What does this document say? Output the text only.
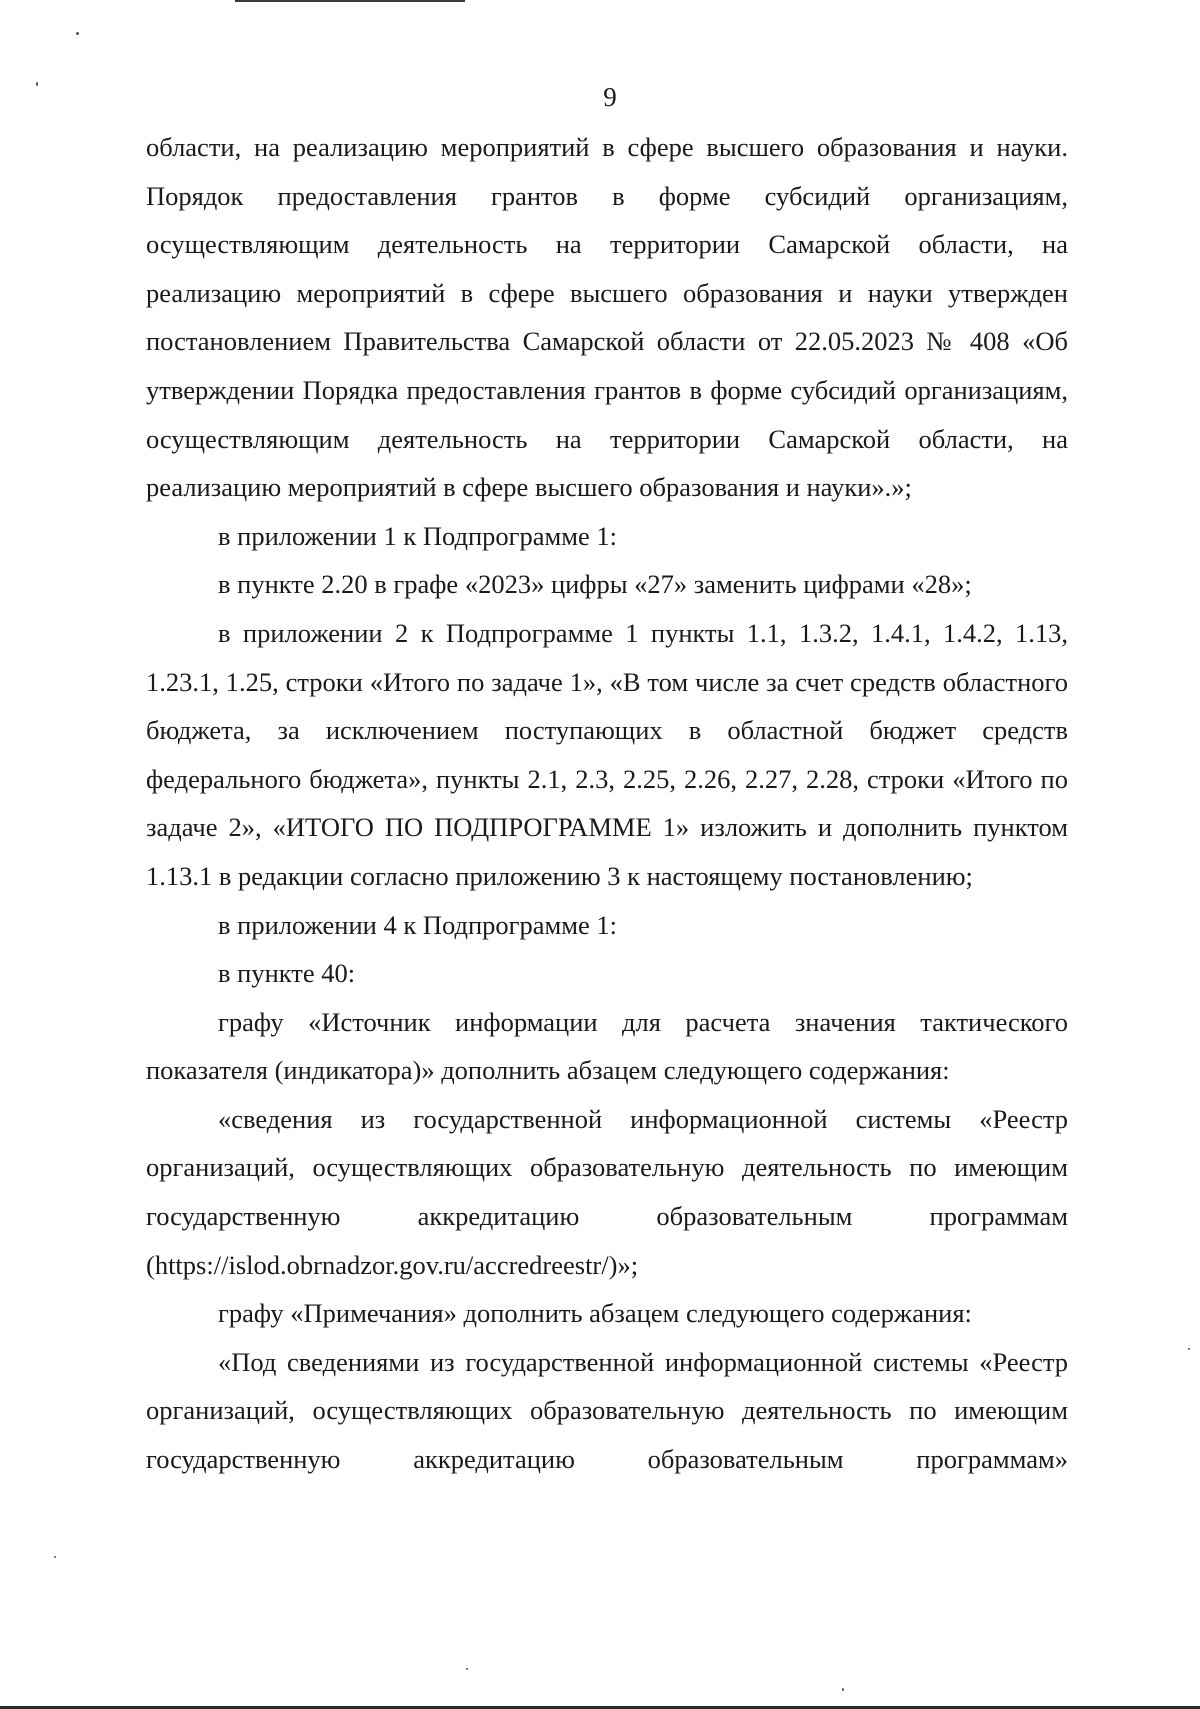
9

области, на реализацию мероприятий в сфере высшего образования и науки. Порядок предоставления грантов в форме субсидий организациям, осуществляющим деятельность на территории Самарской области, на реализацию мероприятий в сфере высшего образования и науки утвержден постановлением Правительства Самарской области от 22.05.2023 № 408 «Об утверждении Порядка предоставления грантов в форме субсидий организациям, осуществляющим деятельность на территории Самарской области, на реализацию мероприятий в сфере высшего образования и науки».»;

в приложении 1 к Подпрограмме 1:

в пункте 2.20 в графе «2023» цифры «27» заменить цифрами «28»;

в приложении 2 к Подпрограмме 1 пункты 1.1, 1.3.2, 1.4.1, 1.4.2, 1.13, 1.23.1, 1.25, строки «Итого по задаче 1», «В том числе за счет средств областного бюджета, за исключением поступающих в областной бюджет средств федерального бюджета», пункты 2.1, 2.3, 2.25, 2.26, 2.27, 2.28, строки «Итого по задаче 2», «ИТОГО ПО ПОДПРОГРАММЕ 1» изложить и дополнить пунктом 1.13.1 в редакции согласно приложению 3 к настоящему постановлению;

в приложении 4 к Подпрограмме 1:

в пункте 40:

графу «Источник информации для расчета значения тактического показателя (индикатора)» дополнить абзацем следующего содержания:

«сведения из государственной информационной системы «Реестр организаций, осуществляющих образовательную деятельность по имеющим государственную аккредитацию образовательным программам (https://islod.obrnadzor.gov.ru/accredreestr/)»;

графу «Примечания» дополнить абзацем следующего содержания:

«Под сведениями из государственной информационной системы «Реестр организаций, осуществляющих образовательную деятельность по имеющим государственную аккредитацию образовательным программам»
